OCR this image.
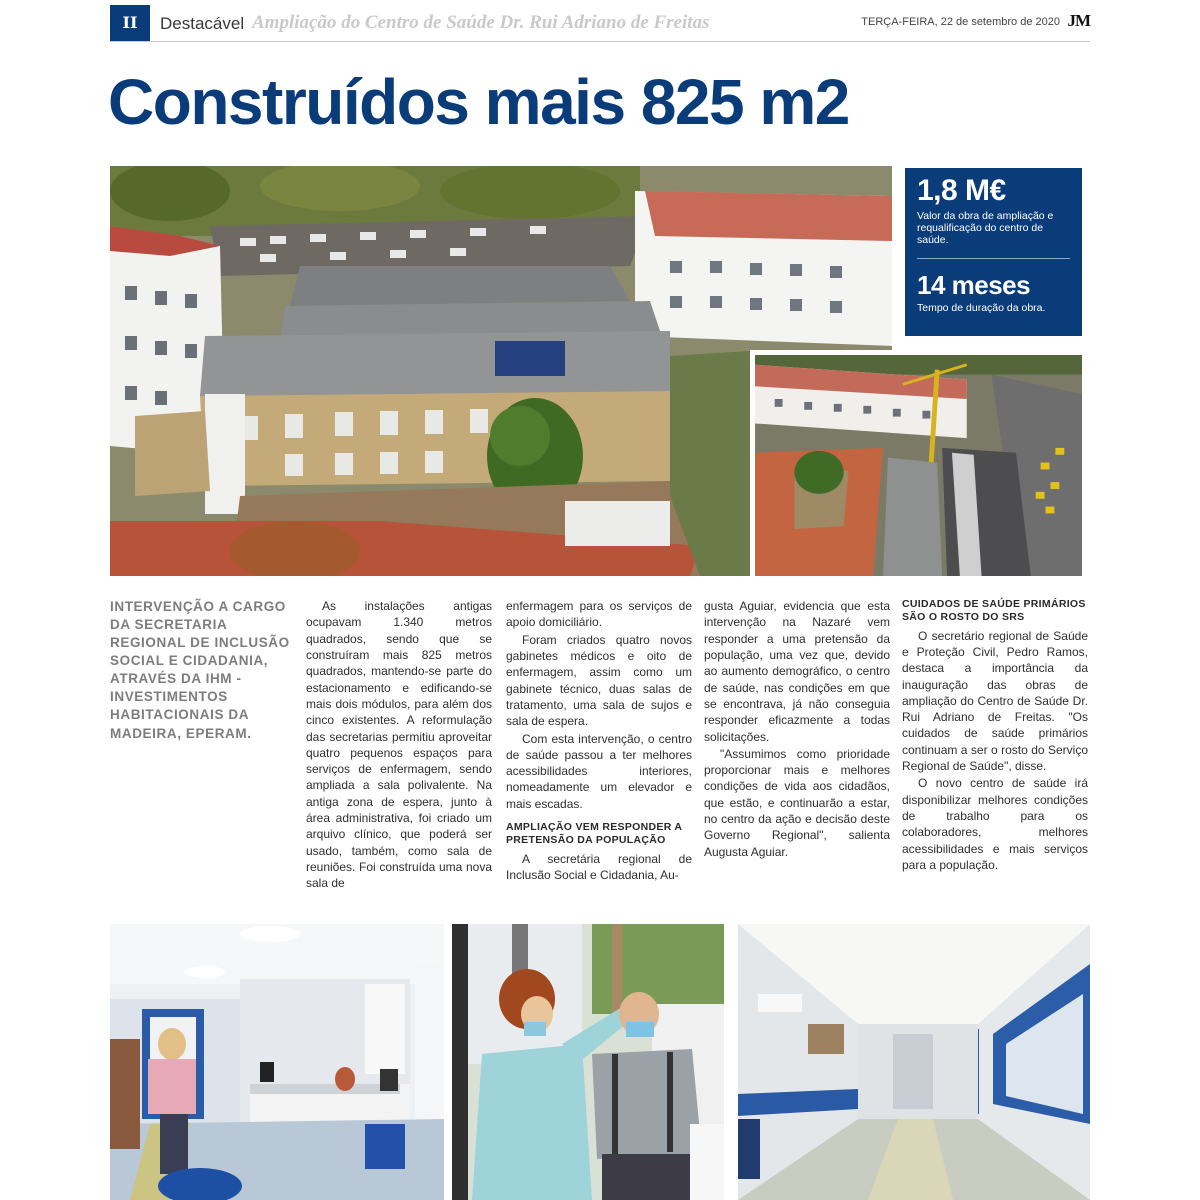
II	Destacável Ampliação do Centro de Saúde Dr. Rui Adriano de Freitas	TERÇA-FEIRA, 22 de setembro de 2020 JM
Construídos mais 825 m2
1,8 M€
Valor da obra de ampliação e requalificação do centro de saúde.
14 meses
Tempo de duração da obra.
INTERVENÇÃO A CARGO DA SECRETARIA REGIONAL DE INCLUSÃO SOCIAL E CIDADANIA, ATRAVÉS DA IHM - INVESTIMENTOS HABITACIONAIS DA MADEIRA, EPERAM.

As instalações antigas ocupavam 1.340 metros quadrados, sendo que se construíram mais 825 metros quadrados, mantendo-se parte do estacionamento e edificando-se mais dois módulos, para além dos cinco existentes. A reformulação das secretarias permitiu aproveitar quatro pequenos espaços para serviços de enfermagem, sendo ampliada a sala polivalente. Na antiga zona de espera, junto à área administrativa, foi criado um arquivo clínico, que poderá ser usado, também, como sala de reuniões. Foi construída uma nova sala de

enfermagem para os serviços de apoio domiciliário.

Foram criados quatro novos gabinetes médicos e oito de enfermagem, assim como um gabinete técnico, duas salas de tratamento, uma sala de sujos e sala de espera.

Com esta intervenção, o centro de saúde passou a ter melhores acessibilidades interiores, nomeadamente um elevador e mais escadas.

AMPLIAÇÃO VEM RESPONDER A PRETENSÃO DA POPULAÇÃO

A secretária regional de Inclusão Social e Cidadania, Au-

gusta Aguiar, evidencia que esta intervenção na Nazaré vem responder a uma pretensão da população, uma vez que, devido ao aumento demográfico, o centro de saúde, nas condições em que se encontrava, já não conseguia responder eficazmente a todas solicitações.

"Assumimos como prioridade proporcionar mais e melhores condições de vida aos cidadãos, que estão, e continuarão a estar, no centro da ação e decisão deste Governo Regional", salienta Augusta Aguiar.

CUIDADOS DE SAÚDE PRIMÁRIOS SÃO O ROSTO DO SRS

O secretário regional de Saúde e Proteção Civil, Pedro Ramos, destaca a importância da inauguração das obras de ampliação do Centro de Saúde Dr. Rui Adriano de Freitas. "Os cuidados de saúde primários continuam a ser o rosto do Serviço Regional de Saúde", disse.

O novo centro de saúde irá disponibilizar melhores condições de trabalho para os colaboradores, melhores acessibilidades e mais serviços para a população.
